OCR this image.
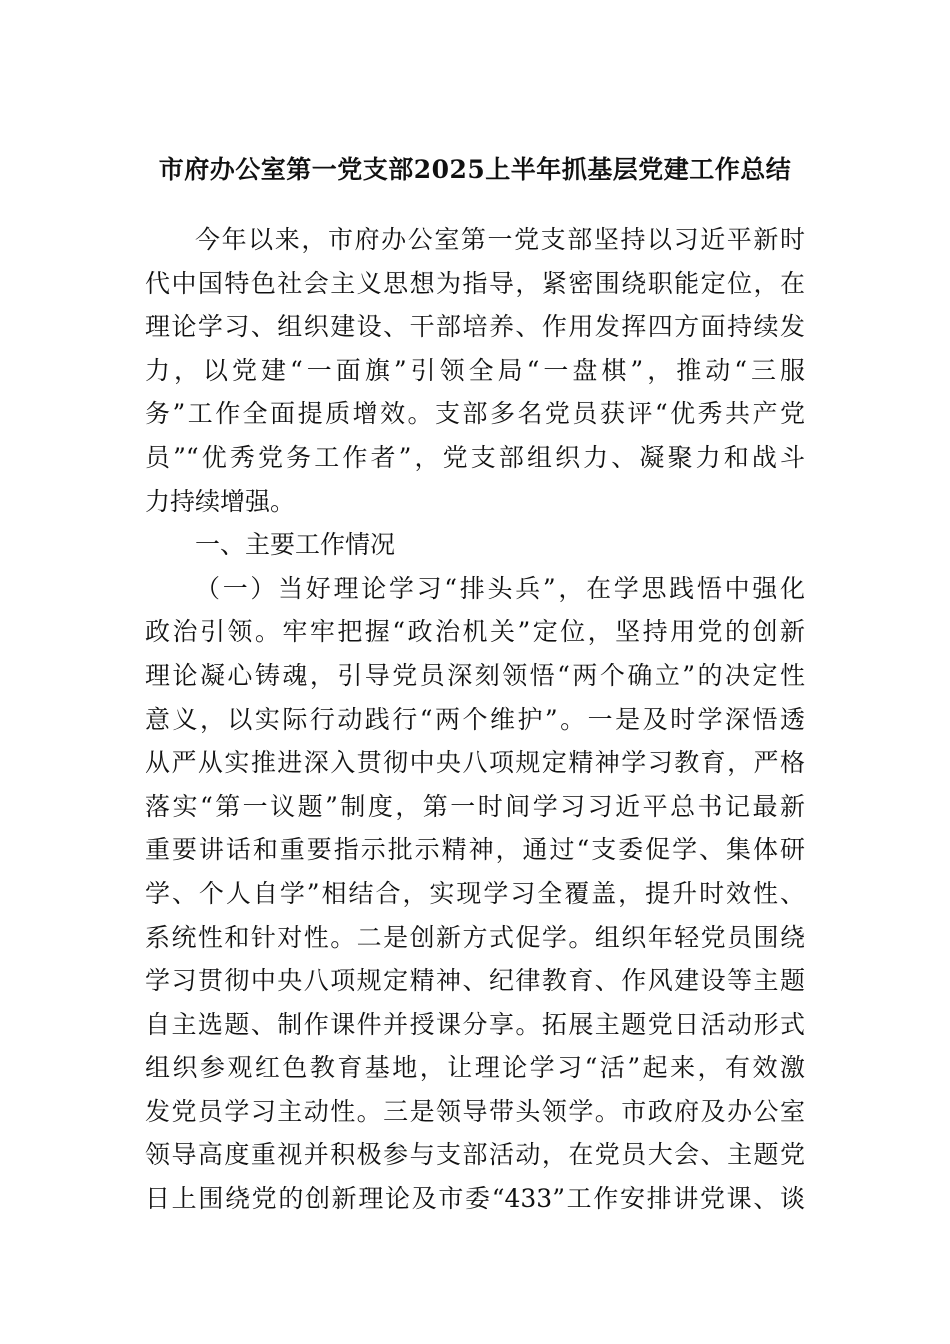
市府办公室第一党支部2025上半年抓基层党建工作总结
今年以来，市府办公室第一党支部坚持以习近平新时
代中国特色社会主义思想为指导，紧密围绕职能定位，在
理论学习、组织建设、干部培养、作用发挥四方面持续发
力，以党建“一面旗”引领全局“一盘棋”，推动“三服
务”工作全面提质增效。支部多名党员获评“优秀共产党
员”“优秀党务工作者”，党支部组织力、凝聚力和战斗
力持续增强。
一、主要工作情况
（一）当好理论学习“排头兵”，在学思践悟中强化
政治引领。牢牢把握“政治机关”定位，坚持用党的创新
理论凝心铸魂，引导党员深刻领悟“两个确立”的决定性
意义，以实际行动践行“两个维护”。一是及时学深悟透
从严从实推进深入贯彻中央八项规定精神学习教育，严格
落实“第一议题”制度，第一时间学习习近平总书记最新
重要讲话和重要指示批示精神，通过“支委促学、集体研
学、个人自学”相结合，实现学习全覆盖，提升时效性、
系统性和针对性。二是创新方式促学。组织年轻党员围绕
学习贯彻中央八项规定精神、纪律教育、作风建设等主题
自主选题、制作课件并授课分享。拓展主题党日活动形式
组织参观红色教育基地，让理论学习“活”起来，有效激
发党员学习主动性。三是领导带头领学。市政府及办公室
领导高度重视并积极参与支部活动，在党员大会、主题党
日上围绕党的创新理论及市委“433”工作安排讲党课、谈
